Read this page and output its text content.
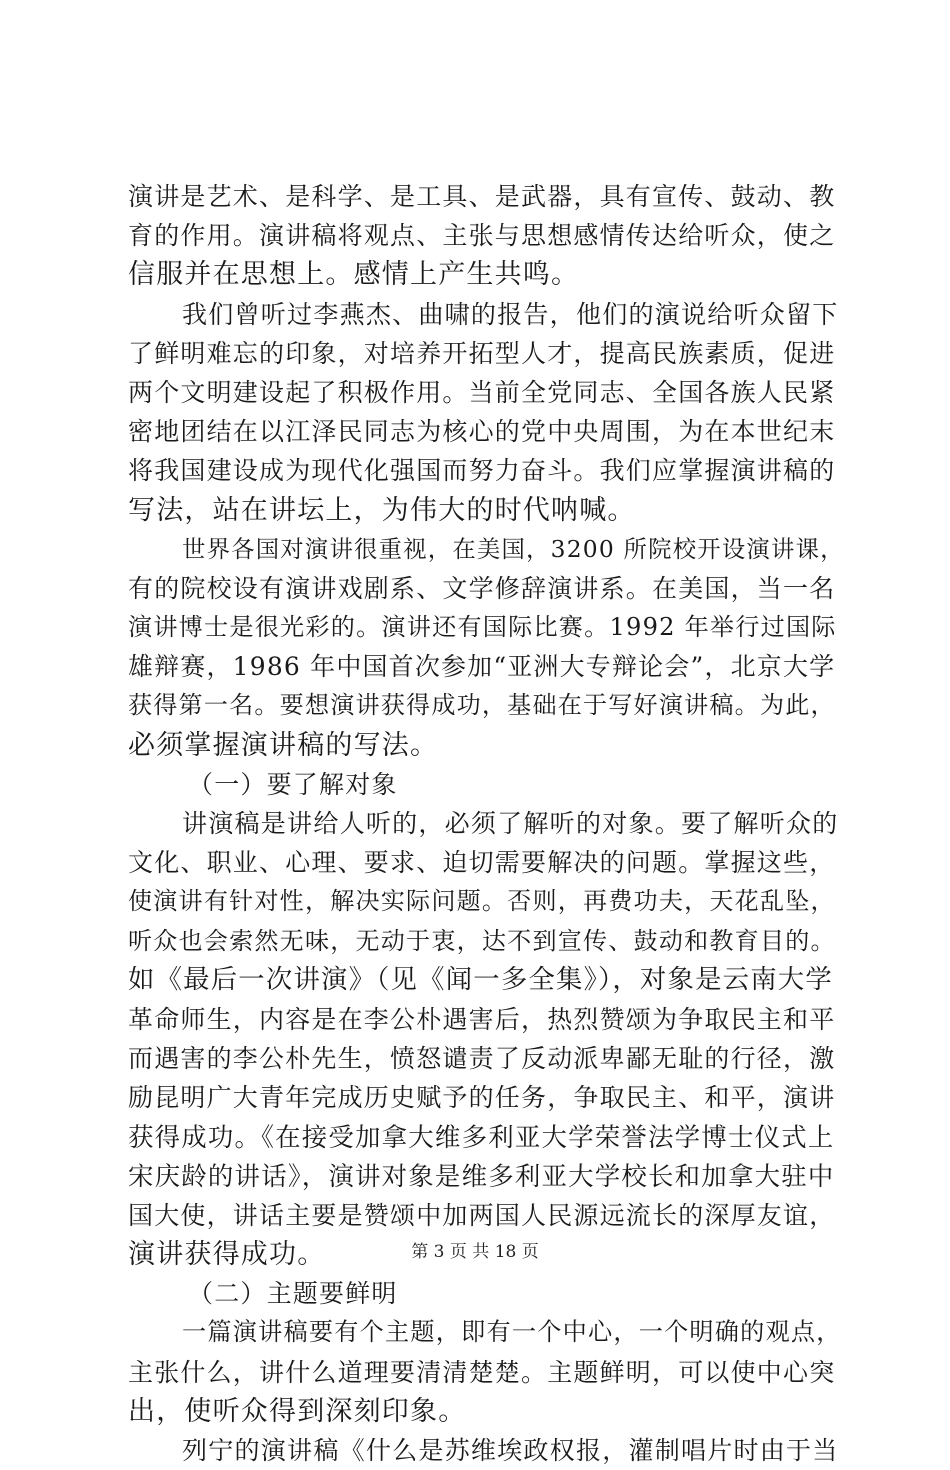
演讲是艺术、是科学、是工具、是武器，具有宣传、鼓动、教
育的作用。演讲稿将观点、主张与思想感情传达给听众，使之
信服并在思想上。感情上产生共鸣。
我们曾听过李燕杰、曲啸的报告，他们的演说给听众留下
了鲜明难忘的印象，对培养开拓型人才，提高民族素质，促进
两个文明建设起了积极作用。当前全党同志、全国各族人民紧
密地团结在以江泽民同志为核心的党中央周围，为在本世纪末
将我国建设成为现代化强国而努力奋斗。我们应掌握演讲稿的
写法，站在讲坛上，为伟大的时代呐喊。
世界各国对演讲很重视，在美国，3200 所院校开设演讲课，
有的院校设有演讲戏剧系、文学修辞演讲系。在美国，当一名
演讲博士是很光彩的。演讲还有国际比赛。1992 年举行过国际
雄辩赛，1986 年中国首次参加“亚洲大专辩论会”，北京大学
获得第一名。要想演讲获得成功，基础在于写好演讲稿。为此，
必须掌握演讲稿的写法。
（一）要了解对象
讲演稿是讲给人听的，必须了解听的对象。要了解听众的
文化、职业、心理、要求、迫切需要解决的问题。掌握这些，
使演讲有针对性，解决实际问题。否则，再费功夫，天花乱坠，
听众也会索然无味，无动于衷，达不到宣传、鼓动和教育目的。
如《最后一次讲演》（见《闻一多全集》），对象是云南大学
革命师生，内容是在李公朴遇害后，热烈赞颂为争取民主和平
而遇害的李公朴先生，愤怒谴责了反动派卑鄙无耻的行径，激
励昆明广大青年完成历史赋予的任务，争取民主、和平，演讲
获得成功。《在接受加拿大维多利亚大学荣誉法学博士仪式上
宋庆龄的讲话》，演讲对象是维多利亚大学校长和加拿大驻中
国大使，讲话主要是赞颂中加两国人民源远流长的深厚友谊，
演讲获得成功。
（二）主题要鲜明
一篇演讲稿要有个主题，即有一个中心，一个明确的观点，
主张什么，讲什么道理要清清楚楚。主题鲜明，可以使中心突
出，使听众得到深刻印象。
列宁的演讲稿《什么是苏维埃政权报，灌制唱片时由于当
第 3 页 共 18 页
